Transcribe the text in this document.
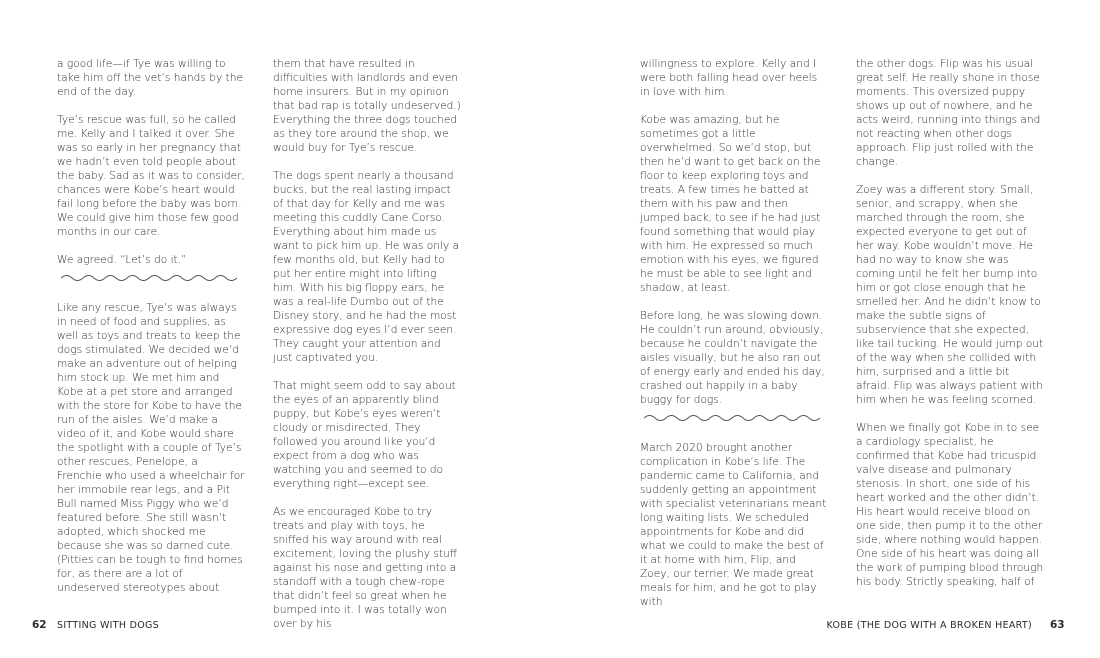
a good life—if Tye was willing to take him off the vet’s hands by the end of the day.

Tye’s rescue was full, so he called me. Kelly and I talked it over. She was so early in her pregnancy that we hadn’t even told people about the baby. Sad as it was to consider, chances were Kobe’s heart would fail long before the baby was born. We could give him those few good months in our care.

We agreed. “Let’s do it.”

Like any rescue, Tye’s was always in need of food and supplies, as well as toys and treats to keep the dogs stimulated. We decided we’d make an adventure out of helping him stock up. We met him and Kobe at a pet store and arranged with the store for Kobe to have the run of the aisles. We’d make a video of it, and Kobe would share the spotlight with a couple of Tye’s other rescues, Penelope, a Frenchie who used a wheelchair for her immobile rear legs, and a Pit Bull named Miss Piggy who we’d featured before. She still wasn’t adopted, which shocked me because she was so darned cute. (Pitties can be tough to find homes for, as there are a lot of undeserved stereotypes about

them that have resulted in difficulties with landlords and even home insurers. But in my opinion that bad rap is totally undeserved.) Everything the three dogs touched as they tore around the shop, we would buy for Tye’s rescue.

The dogs spent nearly a thousand bucks, but the real lasting impact of that day for Kelly and me was meeting this cuddly Cane Corso. Everything about him made us want to pick him up. He was only a few months old, but Kelly had to put her entire might into lifting him. With his big floppy ears, he was a real-life Dumbo out of the Disney story, and he had the most expressive dog eyes I’d ever seen. They caught your attention and just captivated you.

That might seem odd to say about the eyes of an apparently blind puppy, but Kobe’s eyes weren’t cloudy or misdirected. They followed you around like you’d expect from a dog who was watching you and seemed to do everything right—except see.

As we encouraged Kobe to try treats and play with toys, he sniffed his way around with real excitement, loving the plushy stuff against his nose and getting into a standoff with a tough chew-rope that didn’t feel so great when he bumped into it. I was totally won over by his

willingness to explore. Kelly and I were both falling head over heels in love with him.

Kobe was amazing, but he sometimes got a little overwhelmed. So we’d stop, but then he’d want to get back on the floor to keep exploring toys and treats. A few times he batted at them with his paw and then jumped back, to see if he had just found something that would play with him. He expressed so much emotion with his eyes, we figured he must be able to see light and shadow, at least.

Before long, he was slowing down. He couldn’t run around, obviously, because he couldn’t navigate the aisles visually, but he also ran out of energy early and ended his day, crashed out happily in a baby buggy for dogs.

March 2020 brought another complication in Kobe’s life. The pandemic came to California, and suddenly getting an appointment with specialist veterinarians meant long waiting lists. We scheduled appointments for Kobe and did what we could to make the best of it at home with him, Flip, and Zoey, our terrier. We made great meals for him, and he got to play with

the other dogs. Flip was his usual great self. He really shone in those moments. This oversized puppy shows up out of nowhere, and he acts weird, running into things and not reacting when other dogs approach. Flip just rolled with the change.

Zoey was a different story. Small, senior, and scrappy, when she marched through the room, she expected everyone to get out of her way. Kobe wouldn’t move. He had no way to know she was coming until he felt her bump into him or got close enough that he smelled her. And he didn’t know to make the subtle signs of subservience that she expected, like tail tucking. He would jump out of the way when she collided with him, surprised and a little bit afraid. Flip was always patient with him when he was feeling scorned.

When we finally got Kobe in to see a cardiology specialist, he confirmed that Kobe had tricuspid valve disease and pulmonary stenosis. In short, one side of his heart worked and the other didn’t. His heart would receive blood on one side, then pump it to the other side, where nothing would happen. One side of his heart was doing all the work of pumping blood through his body. Strictly speaking, half of

62 SITTING WITH DOGS	KOBE (THE DOG WITH A BROKEN HEART) 63
